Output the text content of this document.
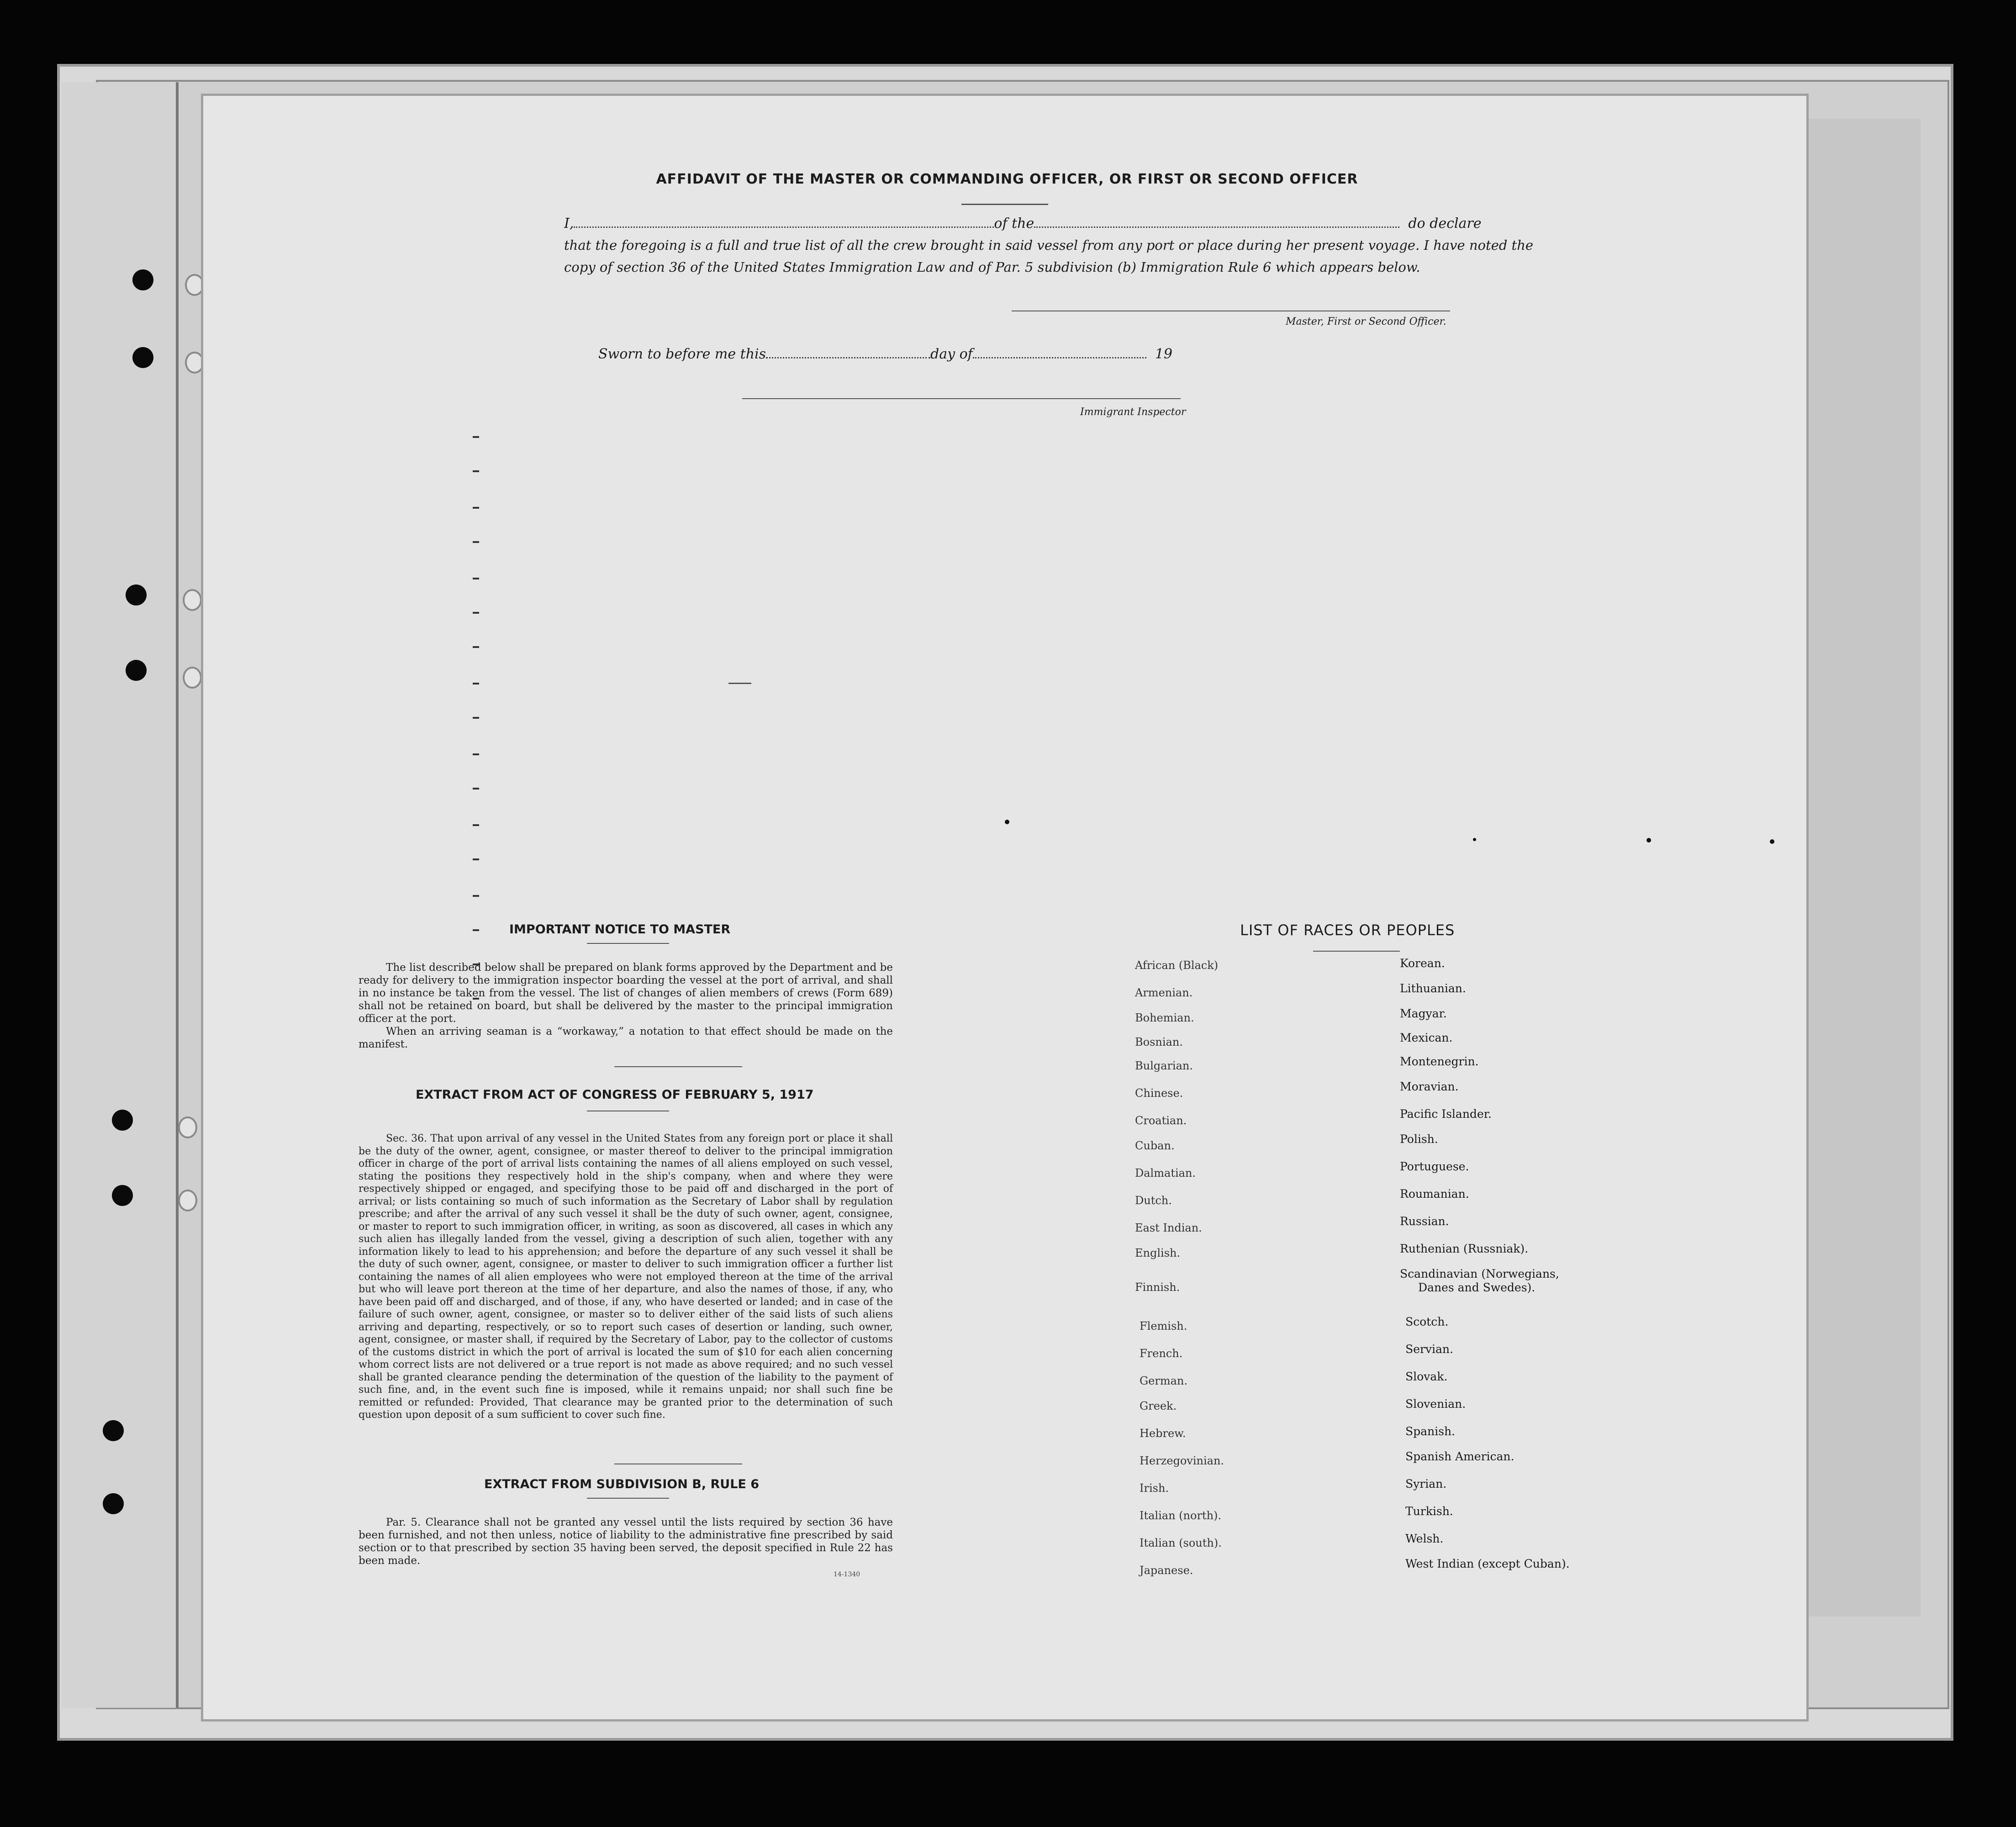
AFFIDAVIT OF THE MASTER OR COMMANDING OFFICER, OR FIRST OR SECOND OFFICER
I,	of the	do declare
that the foregoing is a full and true list of all the crew brought in said vessel from any port or place during her present voyage. I have noted the
copy of section 36 of the United States Immigration Law and of Par. 5 subdivision (b) Immigration Rule 6 which appears below.
Master, First or Second Officer.
Sworn to before me this	day of	19
Immigrant Inspector
IMPORTANT NOTICE TO MASTER

The list described below shall be prepared on blank forms approved by the Department and be ready for delivery to the immigration inspector boarding the vessel at the port of arrival, and shall in no instance be taken from the vessel. The list of changes of alien members of crews (Form 689) shall not be retained on board, but shall be delivered by the master to the principal immigration officer at the port.

When an arriving seaman is a “workaway,” a notation to that effect should be made on the manifest.

EXTRACT FROM ACT OF CONGRESS OF FEBRUARY 5, 1917

Sec. 36. That upon arrival of any vessel in the United States from any foreign port or place it shall be the duty of the owner, agent, consignee, or master thereof to deliver to the principal immigration officer in charge of the port of arrival lists containing the names of all aliens employed on such vessel, stating the positions they respectively hold in the ship's company, when and where they were respectively shipped or engaged, and specifying those to be paid off and discharged in the port of arrival; or lists containing so much of such information as the Secretary of Labor shall by regulation prescribe; and after the arrival of any such vessel it shall be the duty of such owner, agent, consignee, or master to report to such immigration officer, in writing, as soon as discovered, all cases in which any such alien has illegally landed from the vessel, giving a description of such alien, together with any information likely to lead to his apprehension; and before the departure of any such vessel it shall be the duty of such owner, agent, consignee, or master to deliver to such immigration officer a further list containing the names of all alien employees who were not employed thereon at the time of the arrival but who will leave port thereon at the time of her departure, and also the names of those, if any, who have been paid off and discharged, and of those, if any, who have deserted or landed; and in case of the failure of such owner, agent, consignee, or master so to deliver either of the said lists of such aliens arriving and departing, respectively, or so to report such cases of desertion or landing, such owner, agent, consignee, or master shall, if required by the Secretary of Labor, pay to the collector of customs of the customs district in which the port of arrival is located the sum of $10 for each alien concerning whom correct lists are not delivered or a true report is not made as above required; and no such vessel shall be granted clearance pending the determination of the question of the liability to the payment of such fine, and, in the event such fine is imposed, while it remains unpaid; nor shall such fine be remitted or refunded: Provided, That clearance may be granted prior to the determination of such question upon deposit of a sum sufficient to cover such fine.

EXTRACT FROM SUBDIVISION B, RULE 6

Par. 5. Clearance shall not be granted any vessel until the lists required by section 36 have been furnished, and not then unless, notice of liability to the administrative fine prescribed by said section or to that prescribed by section 35 having been served, the deposit specified in Rule 22 has been made.

14-1340
LIST OF RACES OR PEOPLES
African (Black)
Armenian.
Bohemian.
Bosnian.
Bulgarian.
Chinese.
Croatian.
Cuban.
Dalmatian.
Dutch.
East Indian.
English.
Finnish.
Flemish.
French.
German.
Greek.
Hebrew.
Herzegovinian.
Irish.
Italian (north).
Italian (south).
Japanese.
Korean.
Lithuanian.
Magyar.
Mexican.
Montenegrin.
Moravian.
Pacific Islander.
Polish.
Portuguese.
Roumanian.
Russian.
Ruthenian (Russniak).
Scandinavian (Norwegians,
Danes and Swedes).
Scotch.
Servian.
Slovak.
Slovenian.
Spanish.
Spanish American.
Syrian.
Turkish.
Welsh.
West Indian (except Cuban).
